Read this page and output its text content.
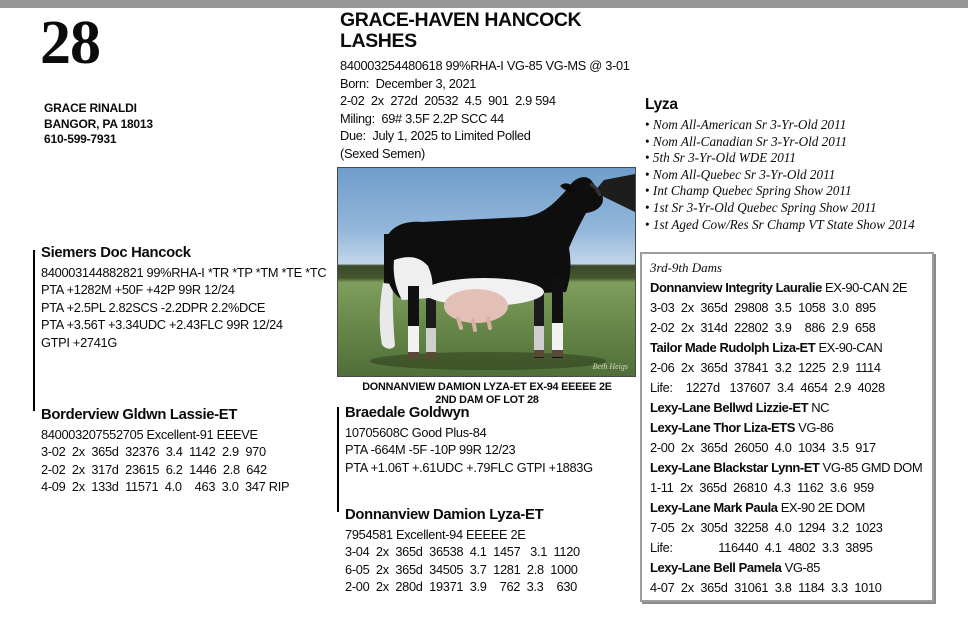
28
GRACE RINALDI
BANGOR, PA 18013
610-599-7931
GRACE-HAVEN HANCOCK LASHES
840003254480618 99%RHA-I VG-85 VG-MS @ 3-01
Born:  December 3, 2021
2-02  2x  272d  20532  4.5  901  2.9 594
Miling:  69# 3.5F 2.2P SCC 44
Due:  July 1, 2025 to Limited Polled
(Sexed Semen)
Beth Heigs
DONNANVIEW DAMION LYZA-ET EX-94 EEEEE 2E
2ND DAM OF LOT 28
Siemers Doc Hancock
840003144882821 99%RHA-I *TR *TP *TM *TE *TC
PTA +1282M +50F +42P 99R 12/24
PTA +2.5PL 2.82SCS -2.2DPR 2.2%DCE
PTA +3.56T +3.34UDC +2.43FLC 99R 12/24
GTPI +2741G
Borderview Gldwn Lassie-ET
840003207552705 Excellent-91 EEEVE
3-02  2x  365d  32376  3.4  1142  2.9  970
2-02  2x  317d  23615  6.2  1446  2.8  642
4-09  2x  133d  11571  4.0    463  3.0  347 RIP
Braedale Goldwyn
10705608C Good Plus-84
PTA -664M -5F -10P 99R 12/23
PTA +1.06T +.61UDC +.79FLC GTPI +1883G
Donnanview Damion Lyza-ET
7954581 Excellent-94 EEEEE 2E
3-04  2x  365d  36538  4.1  1457   3.1  1120
6-05  2x  365d  34505  3.7  1281  2.8  1000
2-00  2x  280d  19371  3.9    762  3.3    630
Lyza
• Nom All-American Sr 3-Yr-Old 2011
• Nom All-Canadian Sr 3-Yr-Old 2011
• 5th Sr 3-Yr-Old WDE 2011
• Nom All-Quebec Sr 3-Yr-Old 2011
• Int Champ Quebec Spring Show 2011
• 1st Sr 3-Yr-Old Quebec Spring Show 2011
• 1st Aged Cow/Res Sr Champ VT State Show 2014
3rd-9th Dams
Donnanview Integrity Lauralie EX-90-CAN 2E
3-03  2x  365d  29808  3.5  1058  3.0  895
2-02  2x  314d  22802  3.9    886  2.9  658
Tailor Made Rudolph Liza-ET EX-90-CAN
2-06  2x  365d  37841  3.2  1225  2.9  1114
Life:    1227d   137607  3.4  4654  2.9  4028
Lexy-Lane Bellwd Lizzie-ET NC
Lexy-Lane Thor Liza-ETS VG-86
2-00  2x  365d  26050  4.0  1034  3.5  917
Lexy-Lane Blackstar Lynn-ET VG-85 GMD DOM
1-11  2x  365d  26810  4.3  1162  3.6  959
Lexy-Lane Mark Paula EX-90 2E DOM
7-05  2x  305d  32258  4.0  1294  3.2  1023
Life:              116440  4.1  4802  3.3  3895
Lexy-Lane Bell Pamela VG-85
4-07  2x  365d  31061  3.8  1184  3.3  1010
